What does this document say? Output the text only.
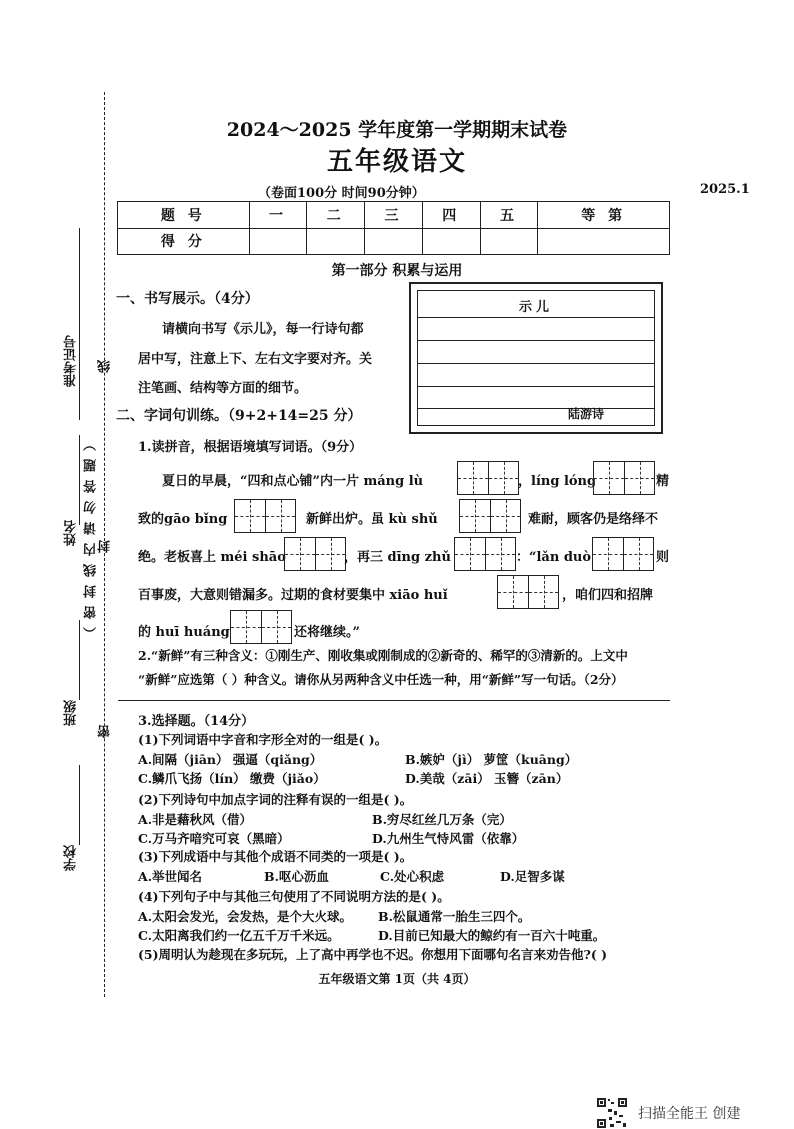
准考证号 线
姓名 （密封线内请勿答题） 封
班级
密
学校
2024～2025 学年度第一学期期末试卷
五年级语文
（卷面100分 时间90分钟）	2025.1
题 号	一	二	三	四	五	等 第
得 分						
第一部分 积累与运用
一、书写展示。（4分）
请横向书写《示儿》，每一行诗句都
居中写，注意上下、左右文字要对齐。关
注笔画、结构等方面的细节。
示儿
陆游诗
二、字词句训练。（9+2+14=25 分）
1.读拼音，根据语境填写词语。（9分）
夏日的早晨，“四和点心铺”内一片 máng lù	，líng lóng	精
致的gāo bǐng	新鲜出炉。虽 kù shǔ	难耐，顾客仍是络绎不
绝。老板喜上 méi shāo	，再三 dīng zhǔ	：“lǎn duò	则
百事废，大意则错漏多。过期的食材要集中 xiāo huǐ	，咱们四和招牌
的 huī huáng	还将继续。”
2.“新鲜”有三种含义：①刚生产、刚收集或刚制成的②新奇的、稀罕的③清新的。上文中
“新鲜”应选第（ ）种含义。请你从另两种含义中任选一种，用“新鲜”写一句话。（2分）
3.选择题。（14分）
(1)下列词语中字音和字形全对的一组是( )。
A.间隔（jiān） 强逼（qiǎng）	B.嫉妒（jì） 萝筐（kuāng）
C.鳞爪飞扬（lín） 缴费（jiǎo）	D.美哉（zāi） 玉簪（zān）
(2)下列诗句中加点字词的注释有误的一组是( )。
A.非是藉秋风（借）	B.穷尽红丝几万条（完）
C.万马齐喑究可哀（黑暗）	D.九州生气恃风雷（依靠）
(3)下列成语中与其他个成语不同类的一项是( )。
A.举世闻名	B.呕心沥血	C.处心积虑	D.足智多谋
(4)下列句子中与其他三句使用了不同说明方法的是( )。
A.太阳会发光，会发热，是个大火球。 B.松鼠通常一胎生三四个。
C.太阳离我们约一亿五千万千米远。	D.目前已知最大的鲸约有一百六十吨重。
(5)周明认为趁现在多玩玩，上了高中再学也不迟。你想用下面哪句名言来劝告他?( )
五年级语文第 1页（共 4页）
扫描全能王 创建
